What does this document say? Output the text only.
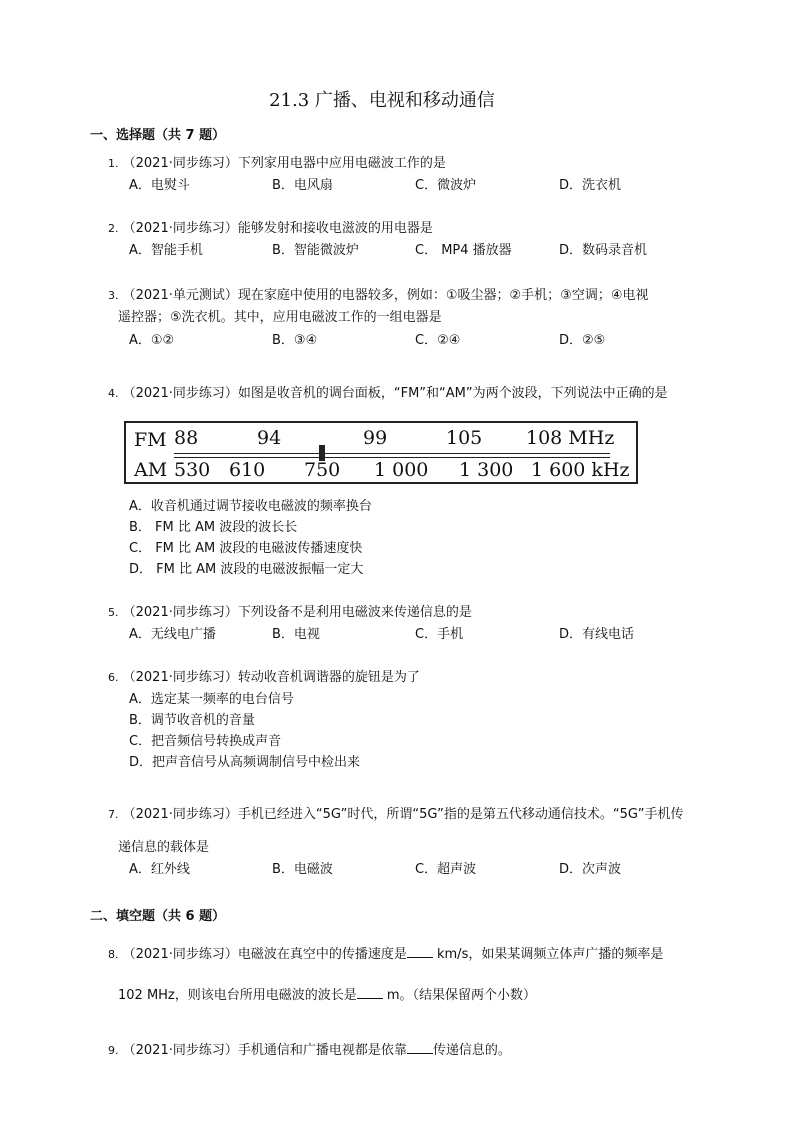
21.3 广播、电视和移动通信
一、选择题（共 7 题）
1. （2021·同步练习）下列家用电器中应用电磁波工作的是
A．电熨斗	B．电风扇	C．微波炉	D．洗衣机
2. （2021·同步练习）能够发射和接收电滋波的用电器是
A．智能手机	B．智能微波炉	C． MP4 播放器	D．数码录音机
3. （2021·单元测试）现在家庭中使用的电器较多，例如：①吸尘器；②手机；③空调；④电视
遥控器；⑤洗衣机。其中，应用电磁波工作的一组电器是
A．①②	B．③④	C．②④	D．②⑤
4. （2021·同步练习）如图是收音机的调台面板，“FM”和“AM”为两个波段，下列说法中正确的是
FM
AM
88	94	99	105 108 MHz
530 610 750 1 000 1 300 1 600 kHz
A．收音机通过调节接收电磁波的频率换台
B． FM 比 AM 波段的波长长
C． FM 比 AM 波段的电磁波传播速度快
D． FM 比 AM 波段的电磁波振幅一定大
5. （2021·同步练习）下列设备不是利用电磁波来传递信息的是
A．无线电广播	B．电视	C．手机	D．有线电话
6. （2021·同步练习）转动收音机调谐器的旋钮是为了
A．选定某一频率的电台信号
B．调节收音机的音量
C．把音频信号转换成声音
D．把声音信号从高频调制信号中检出来
7. （2021·同步练习）手机已经进入“5G”时代，所谓“5G”指的是第五代移动通信技术。“5G”手机传
递信息的载体是
A．红外线	B．电磁波	C．超声波	D．次声波
二、填空题（共 6 题）
8. （2021·同步练习）电磁波在真空中的传播速度是 km/s，如果某调频立体声广播的频率是
102 MHz，则该电台所用电磁波的波长是 m。（结果保留两个小数）
9. （2021·同步练习）手机通信和广播电视都是依靠 传递信息的。
